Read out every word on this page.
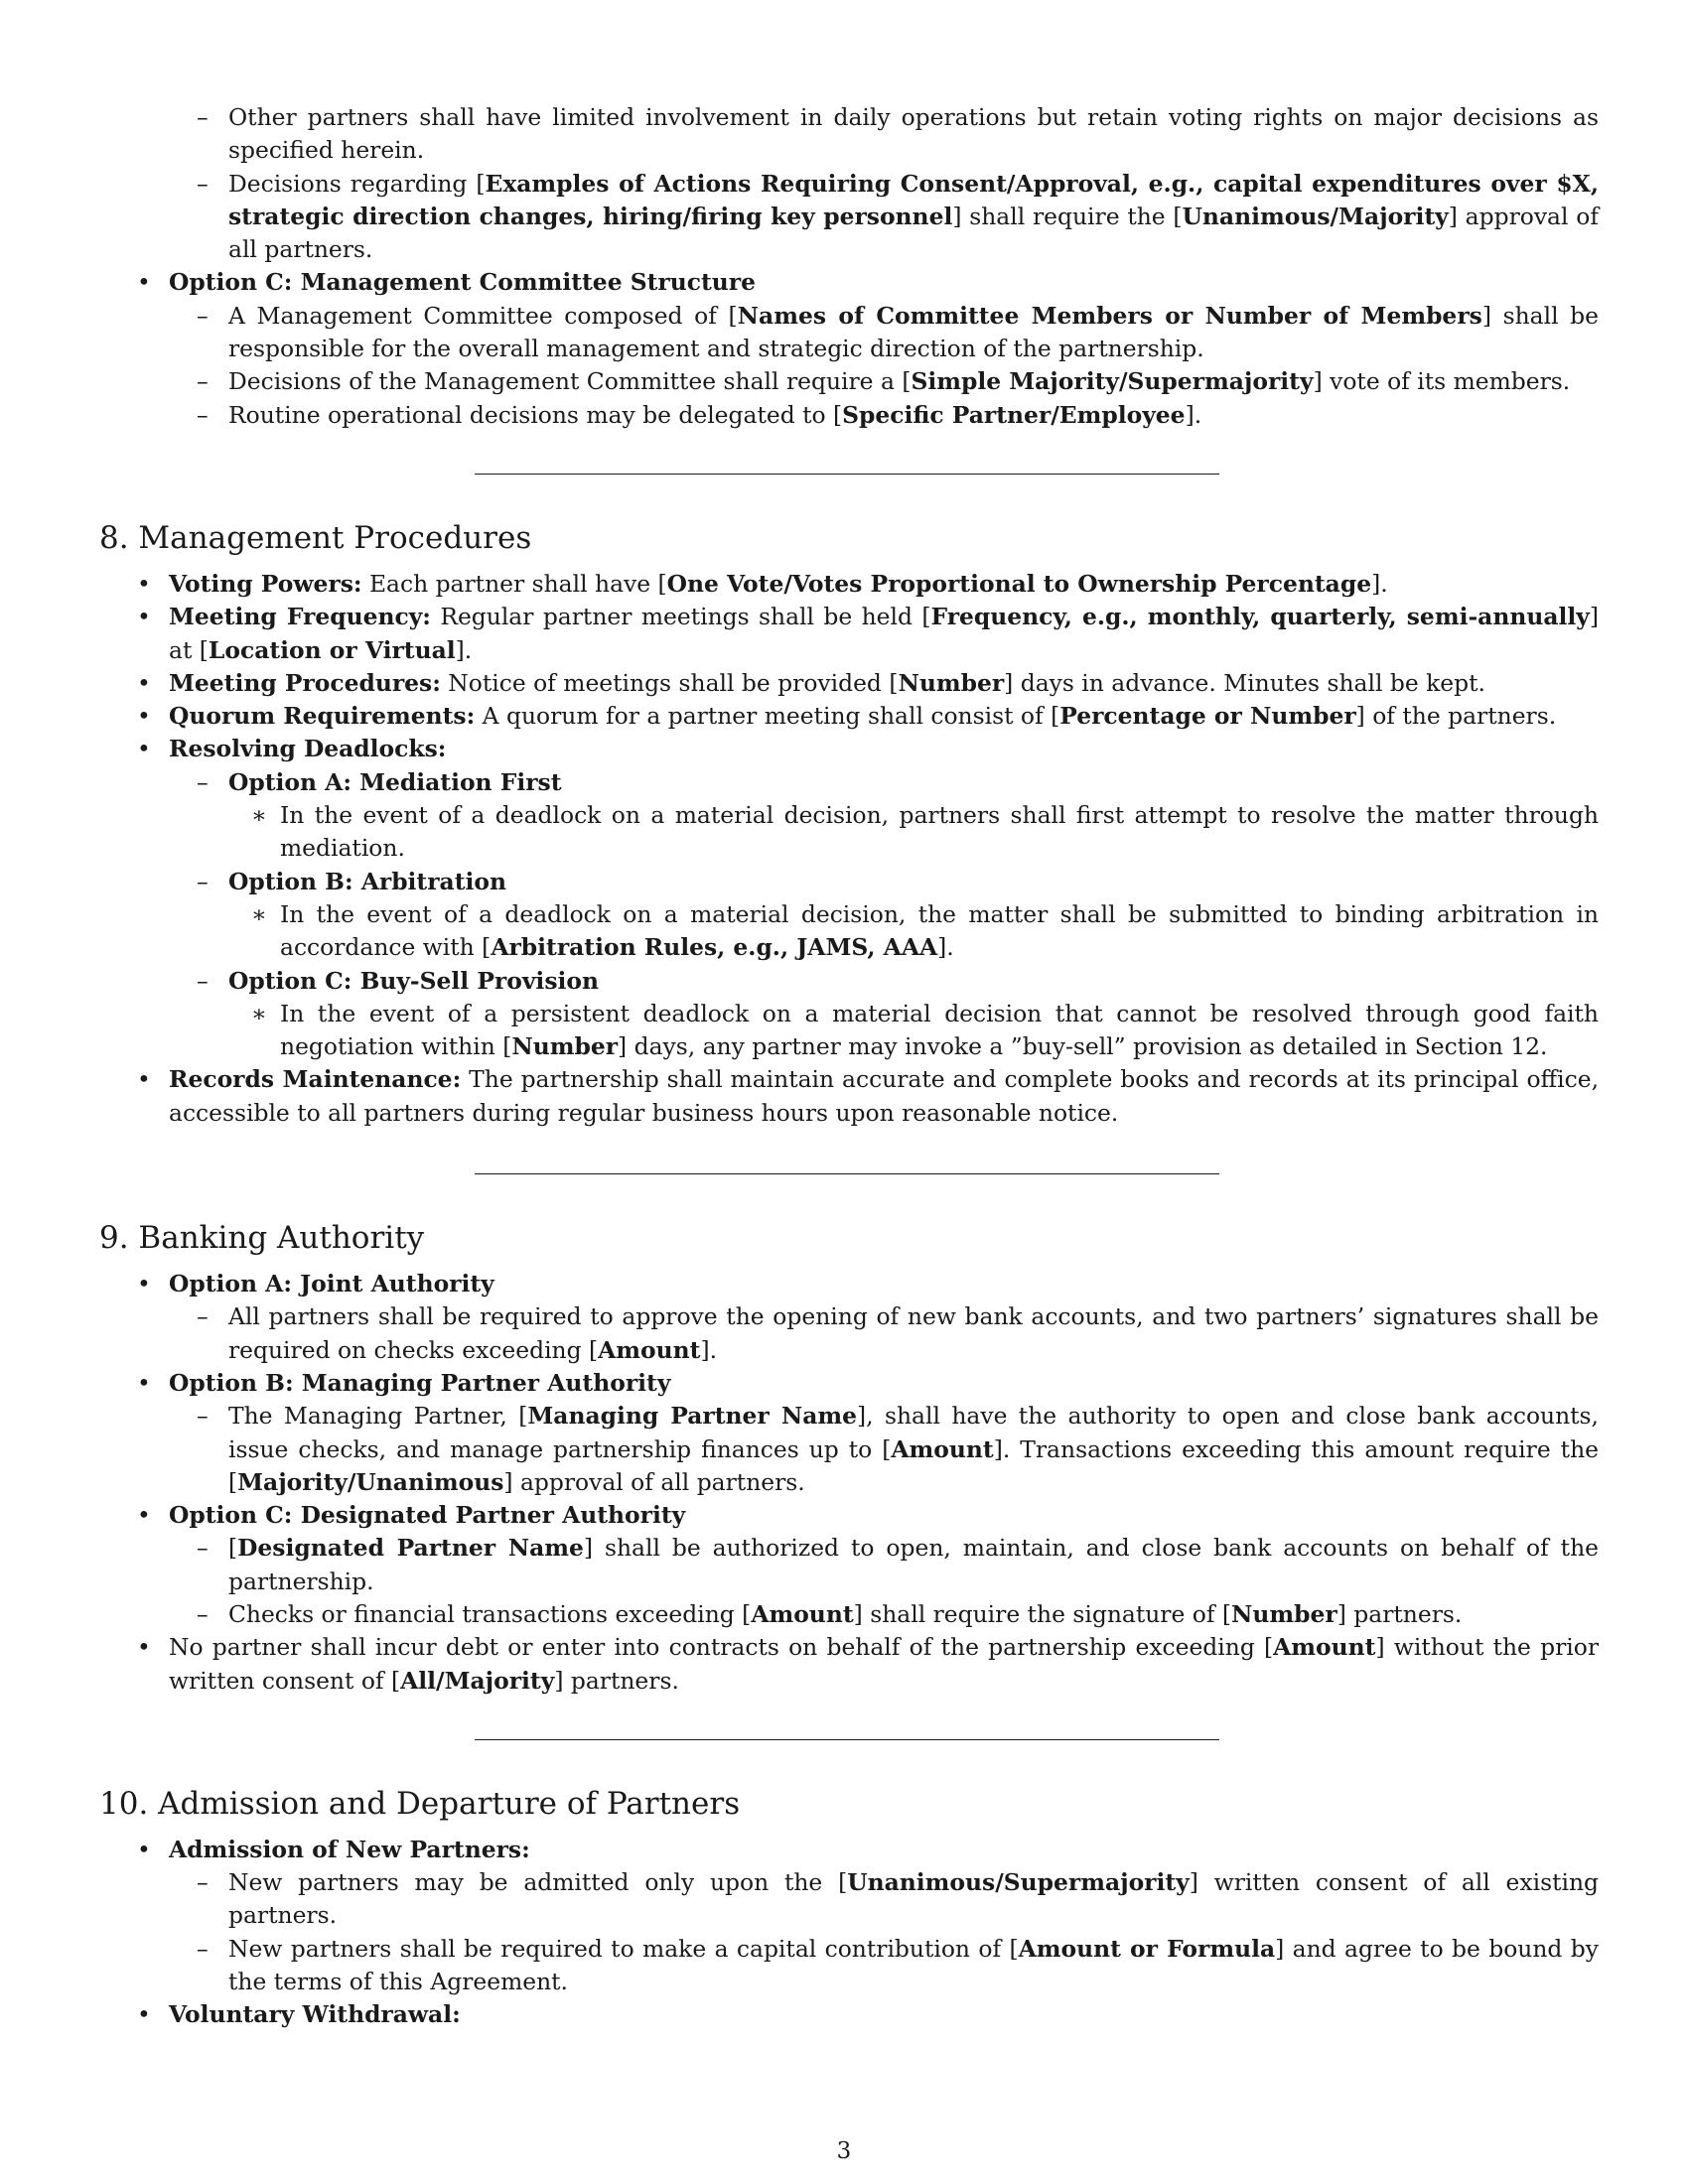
– Other partners shall have limited involvement in daily operations but retain voting rights on major decisions as specified herein.
– Decisions regarding [Examples of Actions Requiring Consent/Approval, e.g., capital expenditures over $X, strategic direction changes, hiring/firing key personnel] shall require the [Unanimous/Majority] approval of all partners.
• Option C: Management Committee Structure
– A Management Committee composed of [Names of Committee Members or Number of Members] shall be responsible for the overall management and strategic direction of the partnership.
– Decisions of the Management Committee shall require a [Simple Majority/Supermajority] vote of its members.
– Routine operational decisions may be delegated to [Specific Partner/Employee].
8. Management Procedures
• Voting Powers: Each partner shall have [One Vote/Votes Proportional to Ownership Percentage].
• Meeting Frequency: Regular partner meetings shall be held [Frequency, e.g., monthly, quarterly, semi-annually] at [Location or Virtual].
• Meeting Procedures: Notice of meetings shall be provided [Number] days in advance. Minutes shall be kept.
• Quorum Requirements: A quorum for a partner meeting shall consist of [Percentage or Number] of the partners.
• Resolving Deadlocks:
– Option A: Mediation First
∗ In the event of a deadlock on a material decision, partners shall first attempt to resolve the matter through mediation.
– Option B: Arbitration
∗ In the event of a deadlock on a material decision, the matter shall be submitted to binding arbitration in accordance with [Arbitration Rules, e.g., JAMS, AAA].
– Option C: Buy-Sell Provision
∗ In the event of a persistent deadlock on a material decision that cannot be resolved through good faith negotiation within [Number] days, any partner may invoke a ”buy-sell” provision as detailed in Section 12.
• Records Maintenance: The partnership shall maintain accurate and complete books and records at its principal office, accessible to all partners during regular business hours upon reasonable notice.
9. Banking Authority
• Option A: Joint Authority
– All partners shall be required to approve the opening of new bank accounts, and two partners’ signatures shall be required on checks exceeding [Amount].
• Option B: Managing Partner Authority
– The Managing Partner, [Managing Partner Name], shall have the authority to open and close bank accounts, issue checks, and manage partnership finances up to [Amount]. Transactions exceeding this amount require the [Majority/Unanimous] approval of all partners.
• Option C: Designated Partner Authority
– [Designated Partner Name] shall be authorized to open, maintain, and close bank accounts on behalf of the partnership.
– Checks or financial transactions exceeding [Amount] shall require the signature of [Number] partners.
• No partner shall incur debt or enter into contracts on behalf of the partnership exceeding [Amount] without the prior written consent of [All/Majority] partners.
10. Admission and Departure of Partners
• Admission of New Partners:
– New partners may be admitted only upon the [Unanimous/Supermajority] written consent of all existing partners.
– New partners shall be required to make a capital contribution of [Amount or Formula] and agree to be bound by the terms of this Agreement.
• Voluntary Withdrawal:
3
